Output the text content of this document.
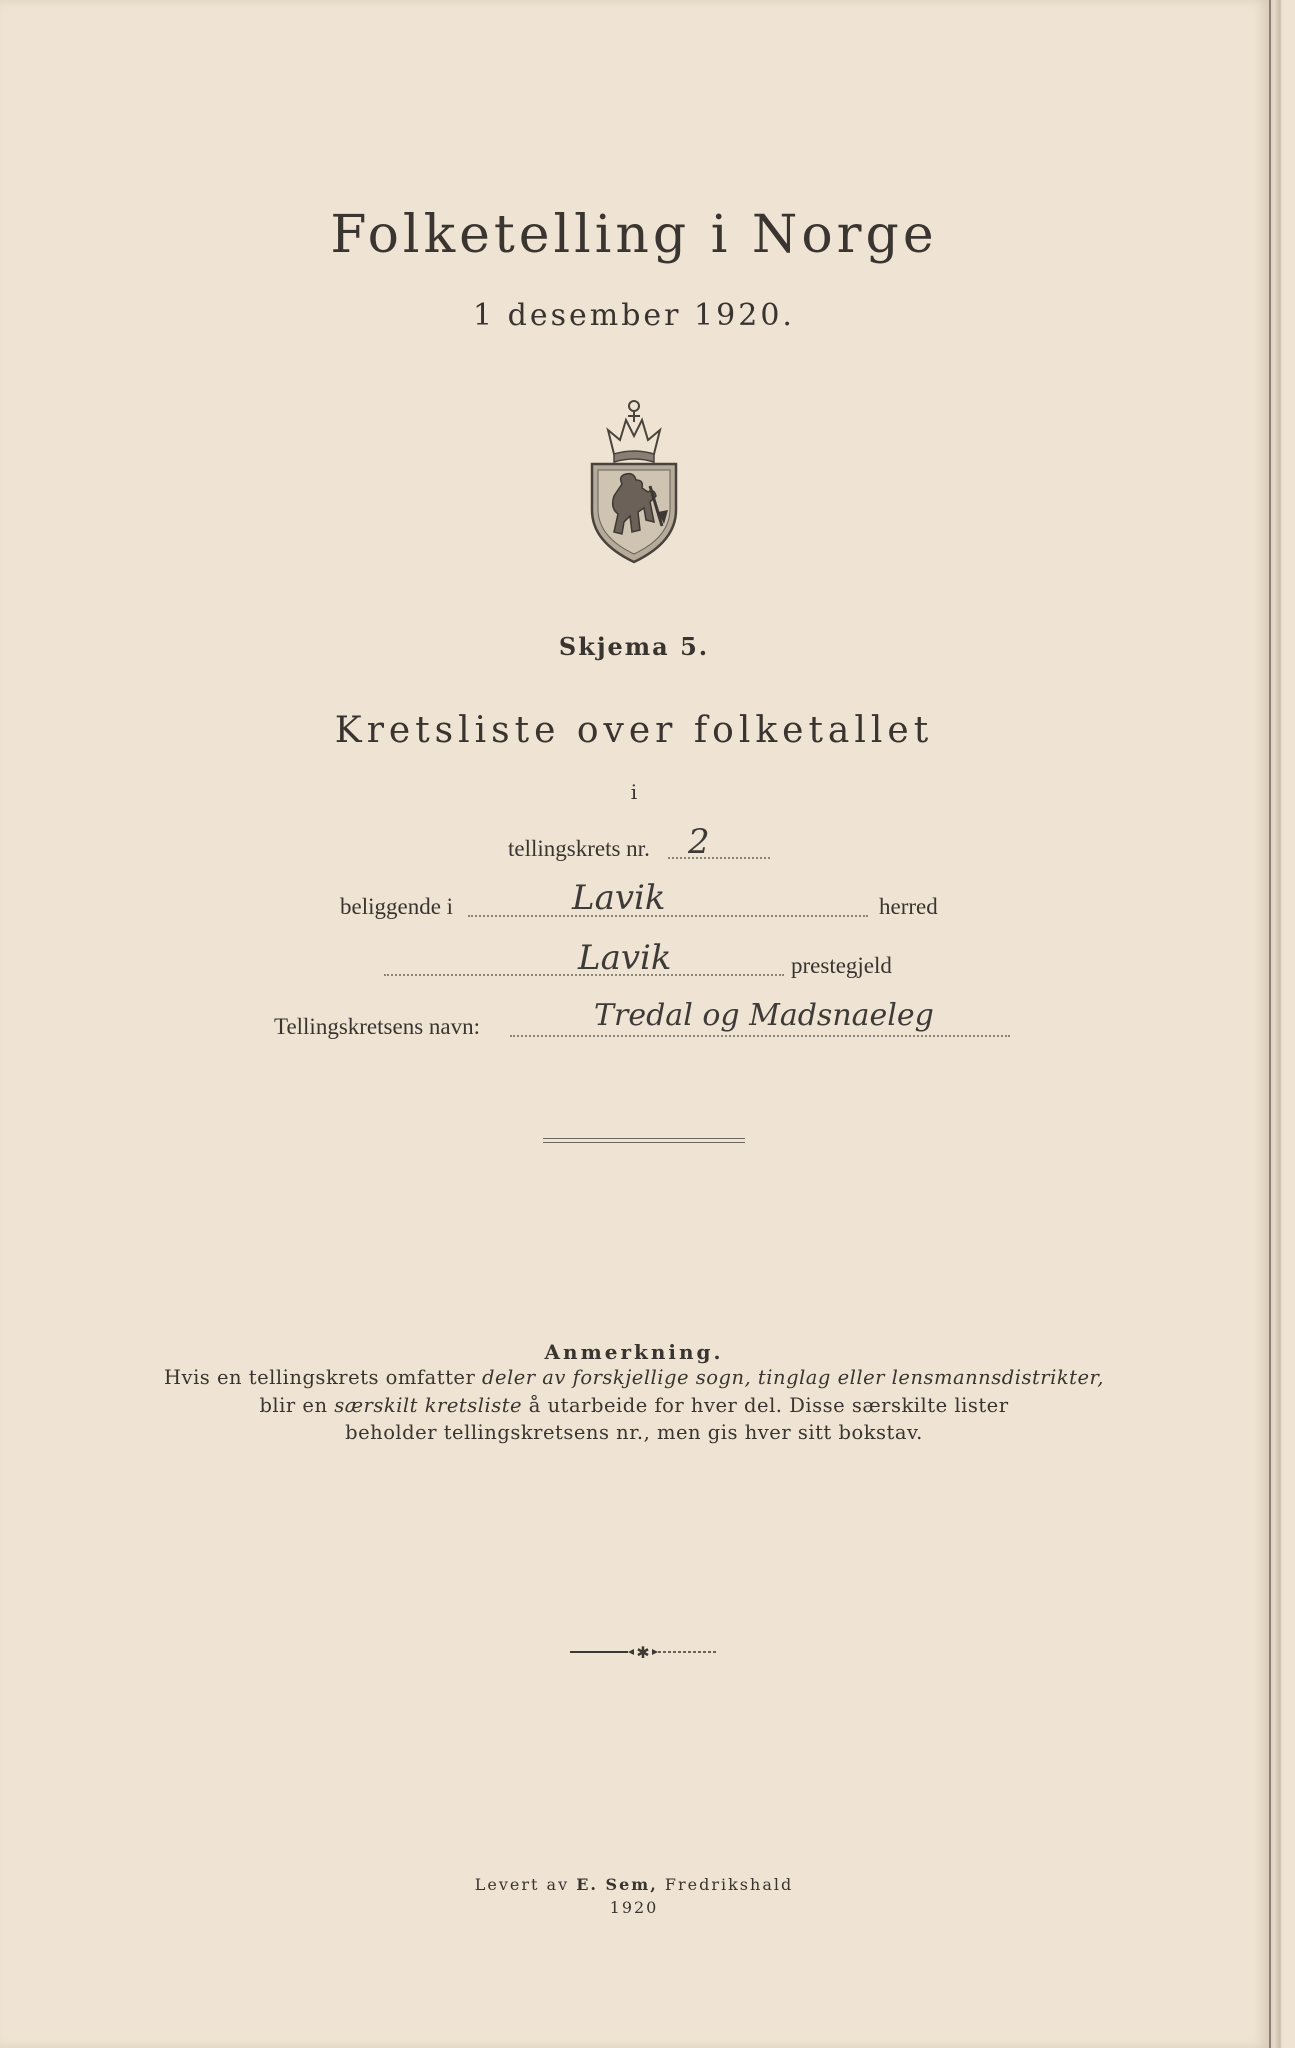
Folketelling i Norge
1 desember 1920.
Skjema 5.
Kretsliste over folketallet
i
tellingskrets nr. 2
beliggende i	Lavik	herred
Lavik	prestegjeld
Tellingskretsens navn:	Tredal og Madsnaeleg
Anmerkning.
Hvis en tellingskrets omfatter deler av forskjellige sogn, tinglag eller lensmannsdistrikter,
blir en særskilt kretsliste å utarbeide for hver del. Disse særskilte lister
beholder tellingskretsens nr., men gis hver sitt bokstav.
✱
Levert av E. Sem, Fredrikshald
1920
